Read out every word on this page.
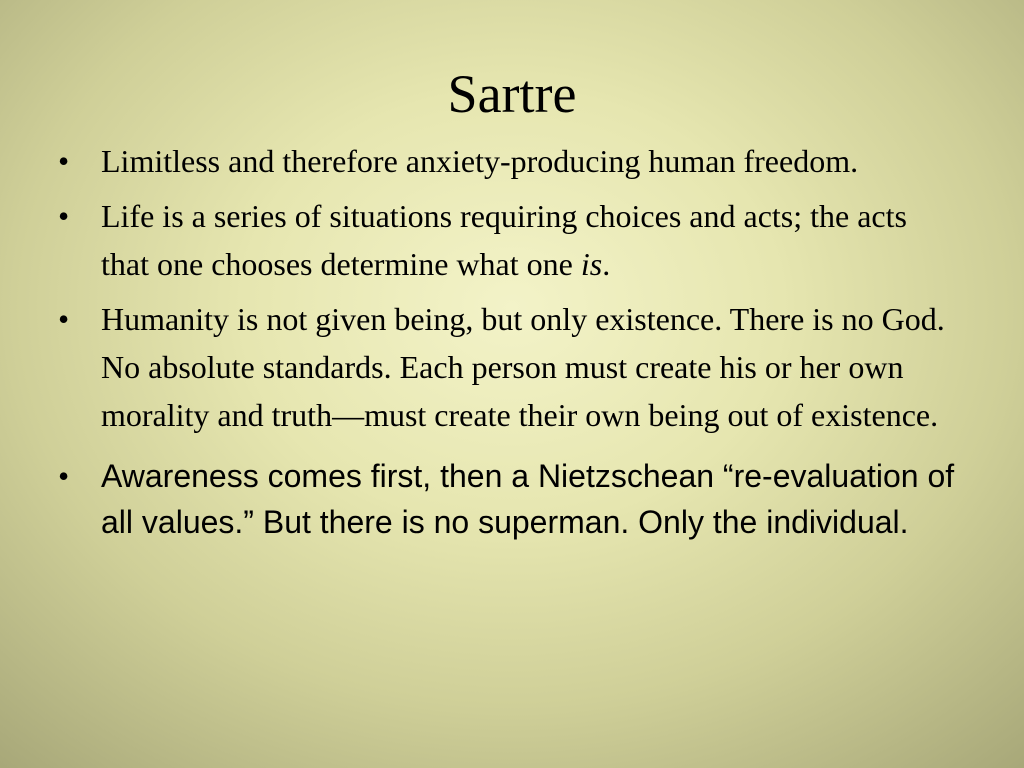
Sartre
• Limitless and therefore anxiety-producing human freedom.
• Life is a series of situations requiring choices and acts; the acts that one chooses determine what one is.
• Humanity is not given being, but only existence. There is no God. No absolute standards. Each person must create his or her own morality and truth—must create their own being out of existence.
• Awareness comes first, then a Nietzschean “re-evaluation of all values.” But there is no superman. Only the individual.
